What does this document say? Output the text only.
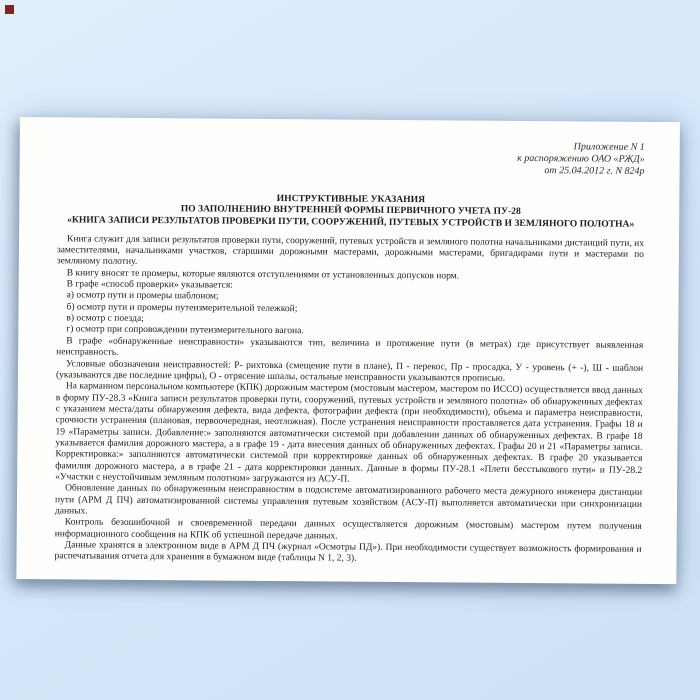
Приложение N 1
к распоряжению ОАО «РЖД»
от 25.04.2012 г. N 824р
ИНСТРУКТИВНЫЕ УКАЗАНИЯ
ПО ЗАПОЛНЕНИЮ ВНУТРЕННЕЙ ФОРМЫ ПЕРВИЧНОГО УЧЕТА ПУ-28
«КНИГА ЗАПИСИ РЕЗУЛЬТАТОВ ПРОВЕРКИ ПУТИ, СООРУЖЕНИЙ, ПУТЕВЫХ УСТРОЙСТВ И ЗЕМЛЯНОГО ПОЛОТНА»

Книга служит для записи результатов проверки пути, сооружений, путевых устройств и земляного полотна начальниками дистанций пути, их заместителями, начальниками участков, старшими дорожными мастерами, дорожными мастерами, бригадирами пути и мастерами по земляному полотну.

В книгу вносят те промеры, которые являются отступлениями от установленных допусков норм.

В графе «способ проверки» указывается:

а) осмотр пути и промеры шаблоном;

б) осмотр пути и промеры путеизмерительной тележкой;

в) осмотр с поезда;

г) осмотр при сопровождении путеизмерительного вагона.

В графе «обнаруженные неисправности» указываются тип, величина и протяжение пути (в метрах) где присутствует выявленная неисправность.

Условные обозначения неисправностей: Р- рихтовка (смещение пути в плане), П - перекос, Пр - просадка, У - уровень (+ -), Ш - шаблон (указываются две последние цифры), О - отрясение шпалы, остальные неисправности указываются прописью.

На карманном персональном компьютере (КПК) дорожным мастером (мостовым мастером, мастером по ИССО) осуществляется ввод данных в форму ПУ-28.3 «Книга записи результатов проверки пути, сооружений, путевых устройств и земляного полотна» об обнаруженных дефектах с указанием места/даты обнаружения дефекта, вида дефекта, фотографии дефекта (при необходимости), объема и параметра неисправности, срочности устранения (плановая, первоочередная, неотложная). После устранения неисправности проставляется дата устранения. Графы 18 и 19 «Параметры записи. Добавление:» заполняются автоматически системой при добавлении данных об обнаруженных дефектах. В графе 18 указывается фамилия дорожного мастера, а в графе 19 - дата внесения данных об обнаруженных дефектах. Графы 20 и 21 «Параметры записи. Корректировка:» заполняются автоматически системой при корректировке данных об обнаруженных дефектах. В графе 20 указывается фамилия дорожного мастера, а в графе 21 - дата корректировки данных. Данные в формы ПУ-28.1 «Плети бесстыкового пути» и ПУ-28.2 «Участки с неустойчивым земляным полотном» загружаются из АСУ-П.

Обновление данных по обнаруженным неисправностям в подсистеме автоматизированного рабочего места дежурного инженера дистанции пути (АРМ Д ПЧ) автоматизированной системы управления путевым хозяйством (АСУ-П) выполняется автоматически при синхронизации данных.

Контроль безошибочной и своевременной передачи данных осуществляется дорожным (мостовым) мастером путем получения информационного сообщения на КПК об успешной передаче данных.

Данные хранятся в электронном виде в АРМ Д ПЧ (журнал «Осмотры ПД»). При необходимости существует возможность формирования и распечатывания отчета для хранения в бумажном виде (таблицы N 1, 2, 3).
